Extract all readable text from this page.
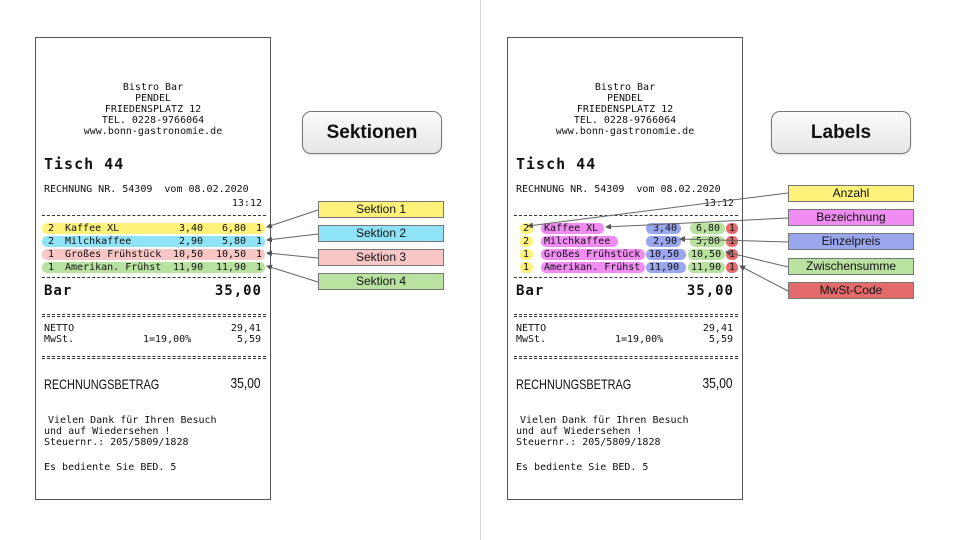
Bistro Bar
PENDEL
FRIEDENSPLATZ 12
TEL. 0228-9766064
www.bonn-gastronomie.de
Tisch 44
RECHNUNG NR. 54309  vom 08.02.2020
13:12
2 Kaffee XL	3,40 6,80 1
2 Milchkaffee	2,90 5,80 1
1 Großes Frühstück 10,50 10,50 1
1 Amerikan. Frühst 11,90 11,90 1
Bar	35,00
NETTO	29,41
MwSt.	1=19,00%	5,59
RECHNUNGSBETRAG	35,00
Vielen Dank für Ihren Besuch
und auf Wiedersehen !
Steuernr.: 205/5809/1828
Es bediente Sie BED. 5
Bistro Bar
PENDEL
FRIEDENSPLATZ 12
TEL. 0228-9766064
www.bonn-gastronomie.de
Tisch 44
RECHNUNG NR. 54309  vom 08.02.2020
13:12
2 Kaffee XL	3,40 6,80 1
2 Milchkaffee	2,90 5,80 1
1 Großes Frühstück 10,50 10,50 1
1 Amerikan. Frühst 11,90 11,90 1
Bar	35,00
NETTO	29,41
MwSt.	1=19,00%	5,59
RECHNUNGSBETRAG	35,00
Vielen Dank für Ihren Besuch
und auf Wiedersehen !
Steuernr.: 205/5809/1828
Es bediente Sie BED. 5
Sektionen
Sektion 1
Sektion 2
Sektion 3
Sektion 4
Labels
Anzahl
Bezeichnung
Einzelpreis
Zwischensumme
MwSt-Code
